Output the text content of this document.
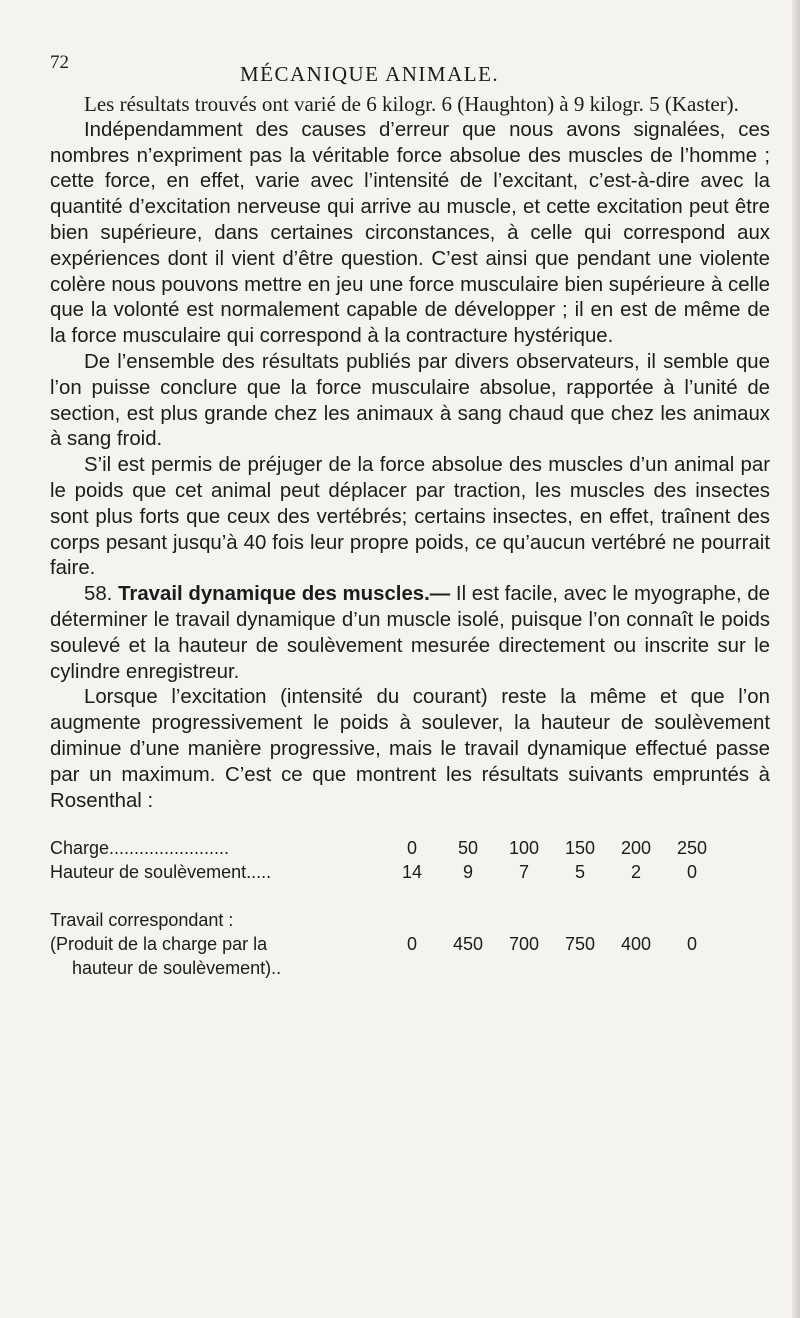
72	MÉCANIQUE ANIMALE.

Les résultats trouvés ont varié de 6 kilogr. 6 (Haughton) à 9 kilogr. 5 (Kaster).

Indépendamment des causes d’erreur que nous avons signalées, ces nombres n’expriment pas la véritable force absolue des muscles de l’homme ; cette force, en effet, varie avec l’intensité de l’excitant, c’est-à-dire avec la quantité d’excitation nerveuse qui arrive au muscle, et cette excitation peut être bien supérieure, dans certaines circonstances, à celle qui correspond aux expériences dont il vient d’être question. C’est ainsi que pendant une violente colère nous pouvons mettre en jeu une force musculaire bien supérieure à celle que la volonté est normalement capable de développer ; il en est de même de la force musculaire qui correspond à la contracture hystérique.

De l’ensemble des résultats publiés par divers observateurs, il semble que l’on puisse conclure que la force musculaire absolue, rapportée à l’unité de section, est plus grande chez les animaux à sang chaud que chez les animaux à sang froid.

S’il est permis de préjuger de la force absolue des muscles d’un animal par le poids que cet animal peut déplacer par traction, les muscles des insectes sont plus forts que ceux des vertébrés; certains insectes, en effet, traînent des corps pesant jusqu’à 40 fois leur propre poids, ce qu’aucun vertébré ne pourrait faire.

58. Travail dynamique des muscles.— Il est facile, avec le myographe, de déterminer le travail dynamique d’un muscle isolé, puisque l’on connaît le poids soulevé et la hauteur de soulèvement mesurée directement ou inscrite sur le cylindre enregistreur.

Lorsque l’excitation (intensité du courant) reste la même et que l’on augmente progressivement le poids à soulever, la hauteur de soulèvement diminue d’une manière progressive, mais le travail dynamique effectué passe par un maximum. C’est ce que montrent les résultats suivants empruntés à Rosenthal :

Charge........................	0	50	100	150	200	250
Hauteur de soulèvement.....	14	9	7	5	2	0

Travail correspondant :						
(Produit de la charge par la	0	450	700	750	400	0
hauteur de soulèvement)..						
